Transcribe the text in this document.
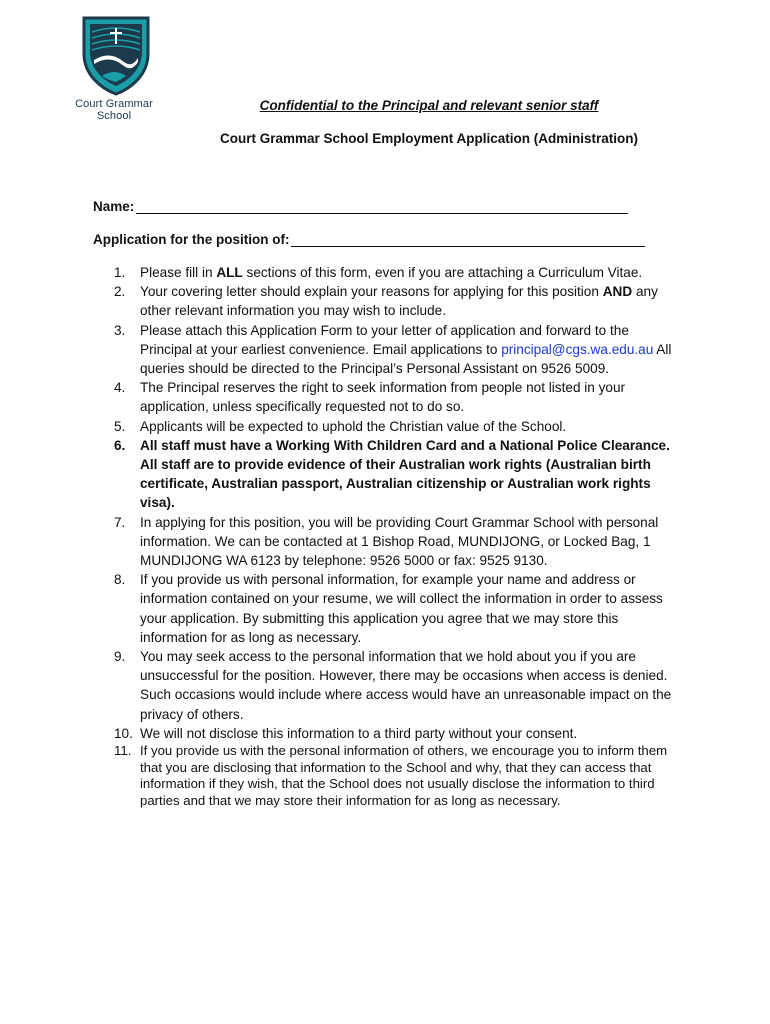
Court Grammar
School
Confidential to the Principal and relevant senior staff
Court Grammar School Employment Application (Administration)
Name:
Application for the position of:
1.	Please fill in ALL sections of this form, even if you are attaching a Curriculum Vitae.
2.	Your covering letter should explain your reasons for applying for this position AND any other relevant information you may wish to include.
3.	Please attach this Application Form to your letter of application and forward to the Principal at your earliest convenience. Email applications to principal@cgs.wa.edu.au All queries should be directed to the Principal’s Personal Assistant on 9526 5009.
4.	The Principal reserves the right to seek information from people not listed in your application, unless specifically requested not to do so.
5.	Applicants will be expected to uphold the Christian value of the School.
6.	All staff must have a Working With Children Card and a National Police Clearance. All staff are to provide evidence of their Australian work rights (Australian birth certificate, Australian passport, Australian citizenship or Australian work rights visa).
7.	In applying for this position, you will be providing Court Grammar School with personal information. We can be contacted at 1 Bishop Road, MUNDIJONG, or Locked Bag, 1 MUNDIJONG WA 6123 by telephone: 9526 5000 or fax: 9525 9130.
8.	If you provide us with personal information, for example your name and address or information contained on your resume, we will collect the information in order to assess your application. By submitting this application you agree that we may store this information for as long as necessary.
9.	You may seek access to the personal information that we hold about you if you are unsuccessful for the position. However, there may be occasions when access is denied. Such occasions would include where access would have an unreasonable impact on the privacy of others.
10. We will not disclose this information to a third party without your consent.
11. If you provide us with the personal information of others, we encourage you to inform them that you are disclosing that information to the School and why, that they can access that information if they wish, that the School does not usually disclose the information to third parties and that we may store their information for as long as necessary.
